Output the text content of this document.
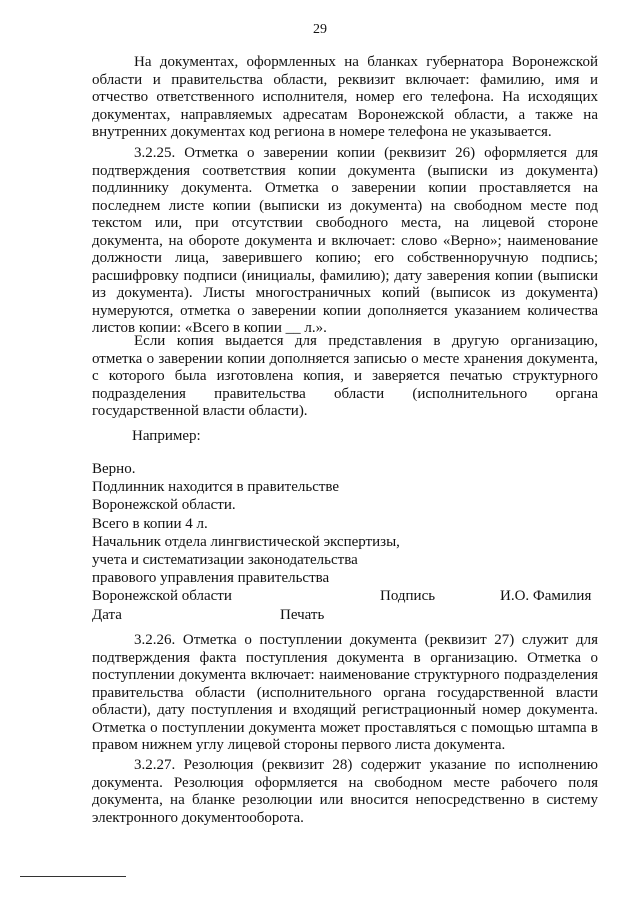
29

На документах, оформленных на бланках губернатора Воронежской области и правительства области, реквизит включает: фамилию, имя и отчество ответственного исполнителя, номер его телефона. На исходящих документах, направляемых адресатам Воронежской области, а также на внутренних документах код региона в номере телефона не указывается.

3.2.25. Отметка о заверении копии (реквизит 26) оформляется для подтверждения соответствия копии документа (выписки из документа) подлиннику документа. Отметка о заверении копии проставляется на последнем листе копии (выписки из документа) на свободном месте под текстом или, при отсутствии свободного места, на лицевой стороне документа, на обороте документа и включает: слово «Верно»; наименование должности лица, заверившего копию; его собственноручную подпись; расшифровку подписи (инициалы, фамилию); дату заверения копии (выписки из документа). Листы многостраничных копий (выписок из документа) нумеруются, отметка о заверении копии дополняется указанием количества листов копии: «Всего в копии __ л.».

Если копия выдается для представления в другую организацию, отметка о заверении копии дополняется записью о месте хранения документа, с которого была изготовлена копия, и заверяется печатью структурного подразделения правительства области (исполнительного органа государственной власти области).

Например:
Верно.
Подлинник находится в правительстве
Воронежской области.
Всего в копии 4 л.
Начальник отдела лингвистической экспертизы,
учета и систематизации законодательства
правового управления правительства
Воронежской области	Подпись	И.О. Фамилия
Дата	Печать

3.2.26. Отметка о поступлении документа (реквизит 27) служит для подтверждения факта поступления документа в организацию. Отметка о поступлении документа включает: наименование структурного подразделения правительства области (исполнительного органа государственной власти области), дату поступления и входящий регистрационный номер документа. Отметка о поступлении документа может проставляться с помощью штампа в правом нижнем углу лицевой стороны первого листа документа.

3.2.27. Резолюция (реквизит 28) содержит указание по исполнению документа. Резолюция оформляется на свободном месте рабочего поля документа, на бланке резолюции или вносится непосредственно в систему электронного документооборота.
